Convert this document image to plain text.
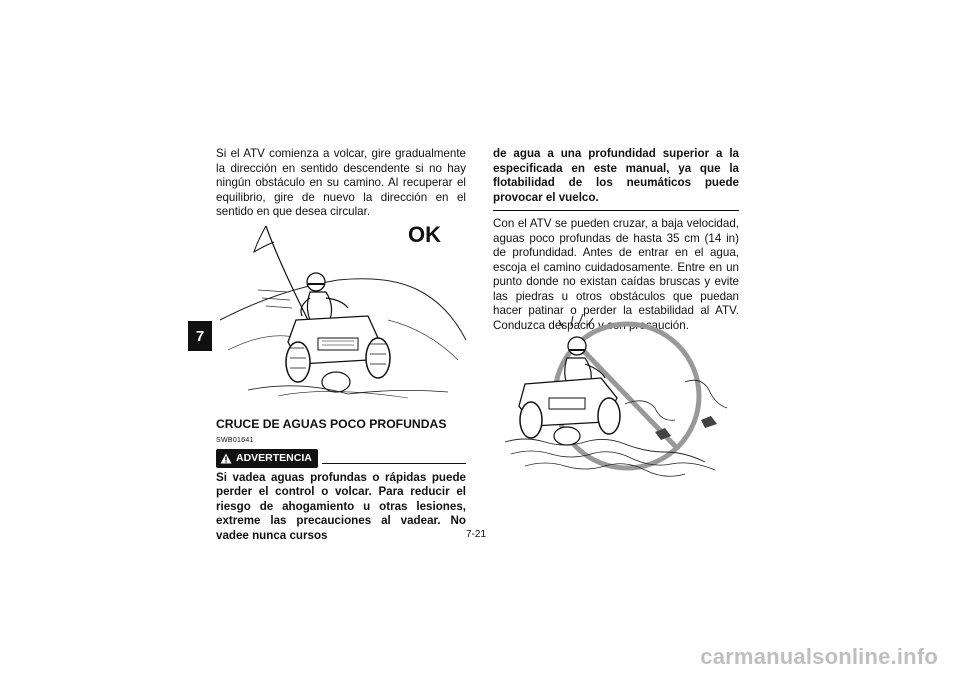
7
Si el ATV comienza a volcar, gire gradualmente la dirección en sentido descendente si no hay ningún obstáculo en su camino. Al recuperar el equilibrio, gire de nuevo la dirección en el sentido en que desea circular.
OK

CRUCE DE AGUAS POCO PROFUNDAS

SWB01641
ADVERTENCIA
Si vadea aguas profundas o rápidas puede perder el control o volcar. Para reducir el riesgo de ahogamiento u otras lesiones, extreme las precauciones al vadear. No vadee nunca cursos
de agua a una profundidad superior a la especificada en este manual, ya que la flotabilidad de los neumáticos puede provocar el vuelco.
Con el ATV se pueden cruzar, a baja velocidad, aguas poco profundas de hasta 35 cm (14 in) de profundidad. Antes de entrar en el agua, escoja el camino cuidadosamente. Entre en un punto donde no existan caídas bruscas y evite las piedras u otros obstáculos que puedan hacer patinar o perder la estabilidad al ATV. Conduzca despacio y con precaución.
7-21
carmanualsonline.info
